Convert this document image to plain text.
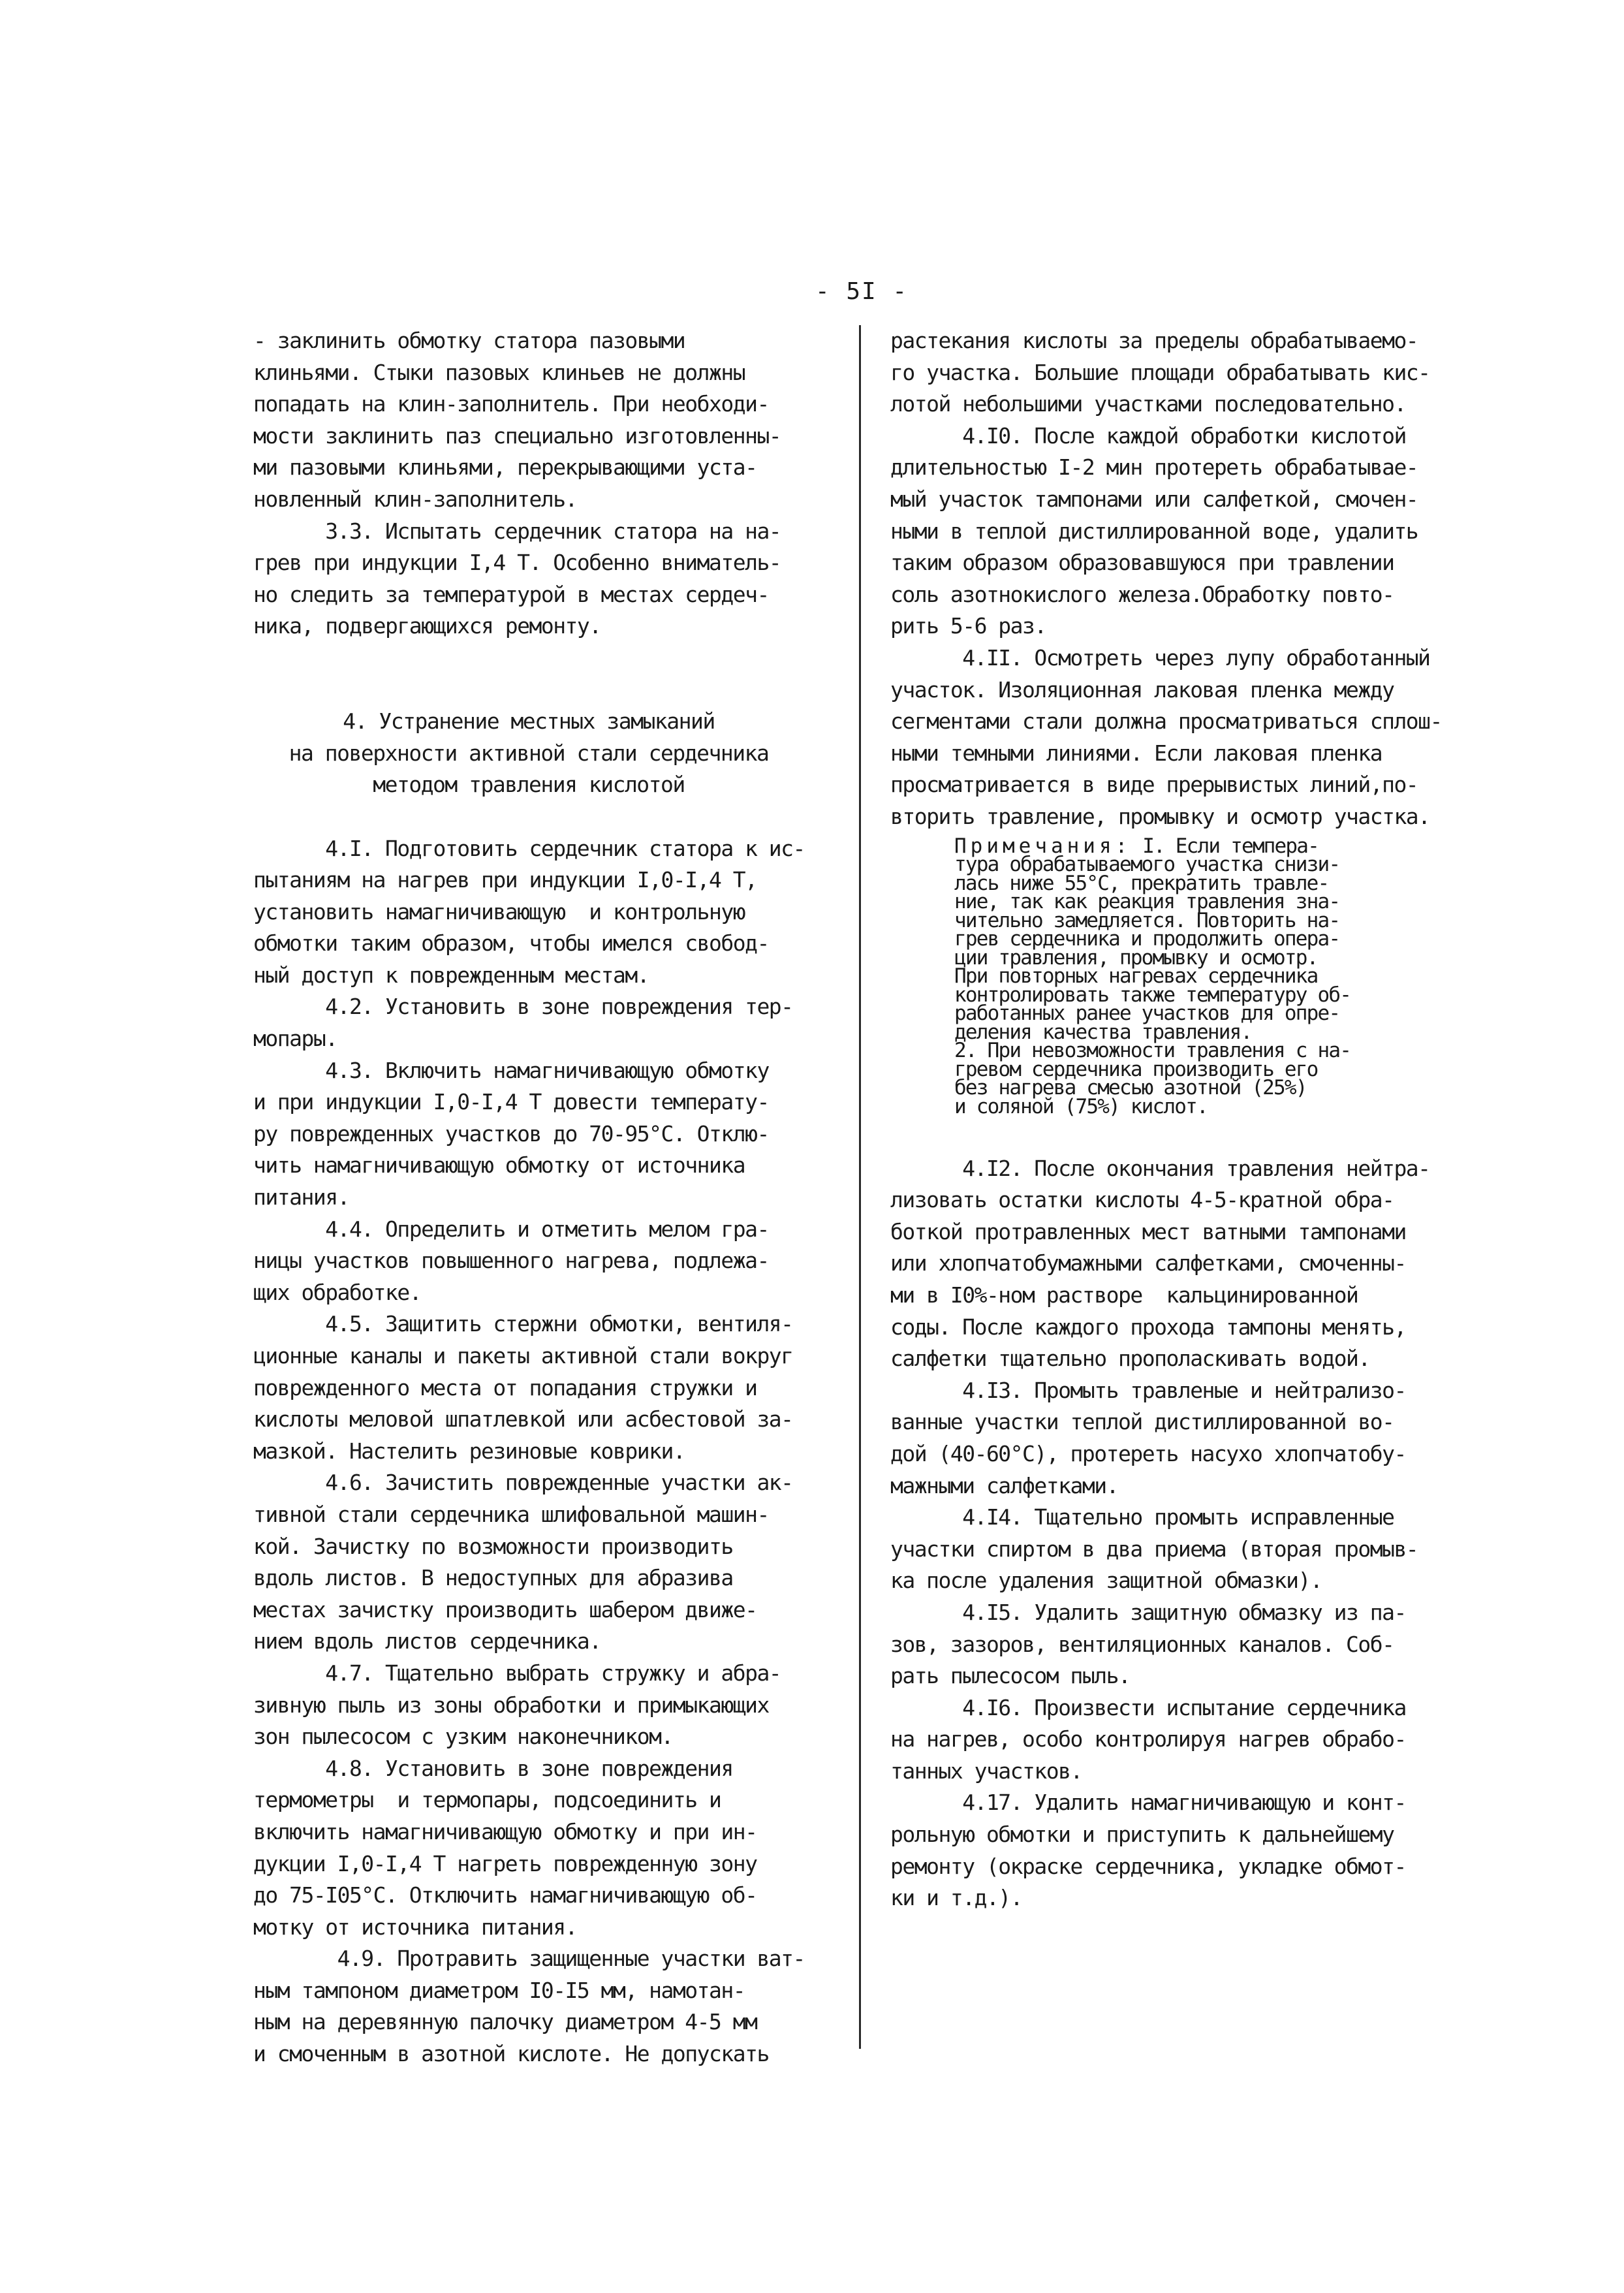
- 5I -
- заклинить обмотку статора пазовыми
клиньями. Стыки пазовых клиньев не должны
попадать на клин-заполнитель. При необходи-
мости заклинить паз специально изготовленны-
ми пазовыми клиньями, перекрывающими уста-
новленный клин-заполнитель.
3.3. Испытать сердечник статора на на-
грев при индукции I,4 Т. Особенно вниматель-
но следить за температурой в местах сердеч-
ника, подвергающихся ремонту.
4. Устранение местных замыканий
на поверхности активной стали сердечника
методом травления кислотой
4.I. Подготовить сердечник статора к ис-
пытаниям на нагрев при индукции I,0-I,4 Т,
установить намагничивающую  и контрольную
обмотки таким образом, чтобы имелся свобод-
ный доступ к поврежденным местам.
4.2. Установить в зоне повреждения тер-
мопары.
4.3. Включить намагничивающую обмотку
и при индукции I,0-I,4 Т довести температу-
ру поврежденных участков до 70-95°С. Отклю-
чить намагничивающую обмотку от источника
питания.
4.4. Определить и отметить мелом гра-
ницы участков повышенного нагрева, подлежа-
щих обработке.
4.5. Защитить стержни обмотки, вентиля-
ционные каналы и пакеты активной стали вокруг
поврежденного места от попадания стружки и
кислоты меловой шпатлевкой или асбестовой за-
мазкой. Настелить резиновые коврики.
4.6. Зачистить поврежденные участки ак-
тивной стали сердечника шлифовальной машин-
кой. Зачистку по возможности производить
вдоль листов. В недоступных для абразива
местах зачистку производить шабером движе-
нием вдоль листов сердечника.
4.7. Тщательно выбрать стружку и абра-
зивную пыль из зоны обработки и примыкающих
зон пылесосом с узким наконечником.
4.8. Установить в зоне повреждения
термометры  и термопары, подсоединить и
включить намагничивающую обмотку и при ин-
дукции I,0-I,4 Т нагреть поврежденную зону
до 75-I05°С. Отключить намагничивающую об-
мотку от источника питания.
4.9. Протравить защищенные участки ват-
ным тампоном диаметром I0-I5 мм, намотан-
ным на деревянную палочку диаметром 4-5 мм
и смоченным в азотной кислоте. Не допускать
растекания кислоты за пределы обрабатываемо-
го участка. Большие площади обрабатывать кис-
лотой небольшими участками последовательно.
4.I0. После каждой обработки кислотой
длительностью I-2 мин протереть обрабатывае-
мый участок тампонами или салфеткой, смочен-
ными в теплой дистиллированной воде, удалить
таким образом образовавшуюся при травлении
соль азотнокислого железа.Обработку повто-
рить 5-6 раз.
4.II. Осмотреть через лупу обработанный
участок. Изоляционная лаковая пленка между
сегментами стали должна просматриваться сплош-
ными темными линиями. Если лаковая пленка
просматривается в виде прерывистых линий,по-
вторить травление, промывку и осмотр участка.
Примечания: I. Если темпера-
тура обрабатываемого участка снизи-
лась ниже 55°С, прекратить травле-
ние, так как реакция травления зна-
чительно замедляется. Повторить на-
грев сердечника и продолжить опера-
ции травления, промывку и осмотр.
При повторных нагревах сердечника
контролировать также температуру об-
работанных ранее участков для опре-
деления качества травления.
2. При невозможности травления с на-
гревом сердечника производить его
без нагрева смесью азотной (25%)
и соляной (75%) кислот.
4.I2. После окончания травления нейтра-
лизовать остатки кислоты 4-5-кратной обра-
боткой протравленных мест ватными тампонами
или хлопчатобумажными салфетками, смоченны-
ми в I0%-ном растворе  кальцинированной
соды. После каждого прохода тампоны менять,
салфетки тщательно прополаскивать водой.
4.I3. Промыть травленые и нейтрализо-
ванные участки теплой дистиллированной во-
дой (40-60°С), протереть насухо хлопчатобу-
мажными салфетками.
4.I4. Тщательно промыть исправленные
участки спиртом в два приема (вторая промыв-
ка после удаления защитной обмазки).
4.I5. Удалить защитную обмазку из па-
зов, зазоров, вентиляционных каналов. Соб-
рать пылесосом пыль.
4.I6. Произвести испытание сердечника
на нагрев, особо контролируя нагрев обрабо-
танных участков.
4.17. Удалить намагничивающую и конт-
рольную обмотки и приступить к дальнейшему
ремонту (окраске сердечника, укладке обмот-
ки и т.д.).
